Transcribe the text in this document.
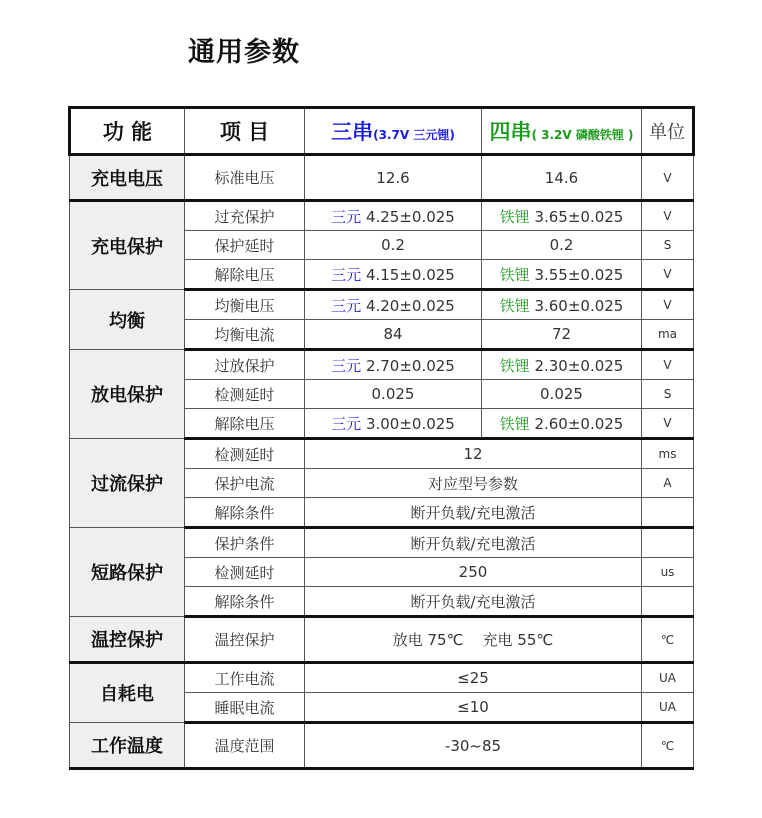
通用参数
功 能	项 目	三串(3.7V 三元锂)	四串( 3.2V 磷酸铁锂 )	单位
充电电压	标准电压	12.6	14.6	V
充电保护	过充保护	三元 4.25±0.025	铁锂 3.65±0.025	V
	保护延时	0.2	0.2	S
	解除电压	三元 4.15±0.025	铁锂 3.55±0.025	V
均衡	均衡电压	三元 4.20±0.025	铁锂 3.60±0.025	V
	均衡电流	84	72	ma
放电保护	过放保护	三元 2.70±0.025	铁锂 2.30±0.025	V
	检测延时	0.025	0.025	S
	解除电压	三元 3.00±0.025	铁锂 2.60±0.025	V
过流保护	检测延时	12		ms
	保护电流	对应型号参数		A
	解除条件	断开负载/充电激活		
短路保护	保护条件	断开负载/充电激活		
	检测延时	250		us
	解除条件	断开负载/充电激活		
温控保护	温控保护	放电 75℃    充电 55℃		℃
自耗电	工作电流	≤25		UA
	睡眠电流	≤10		UA
工作温度	温度范围	-30~85		℃
